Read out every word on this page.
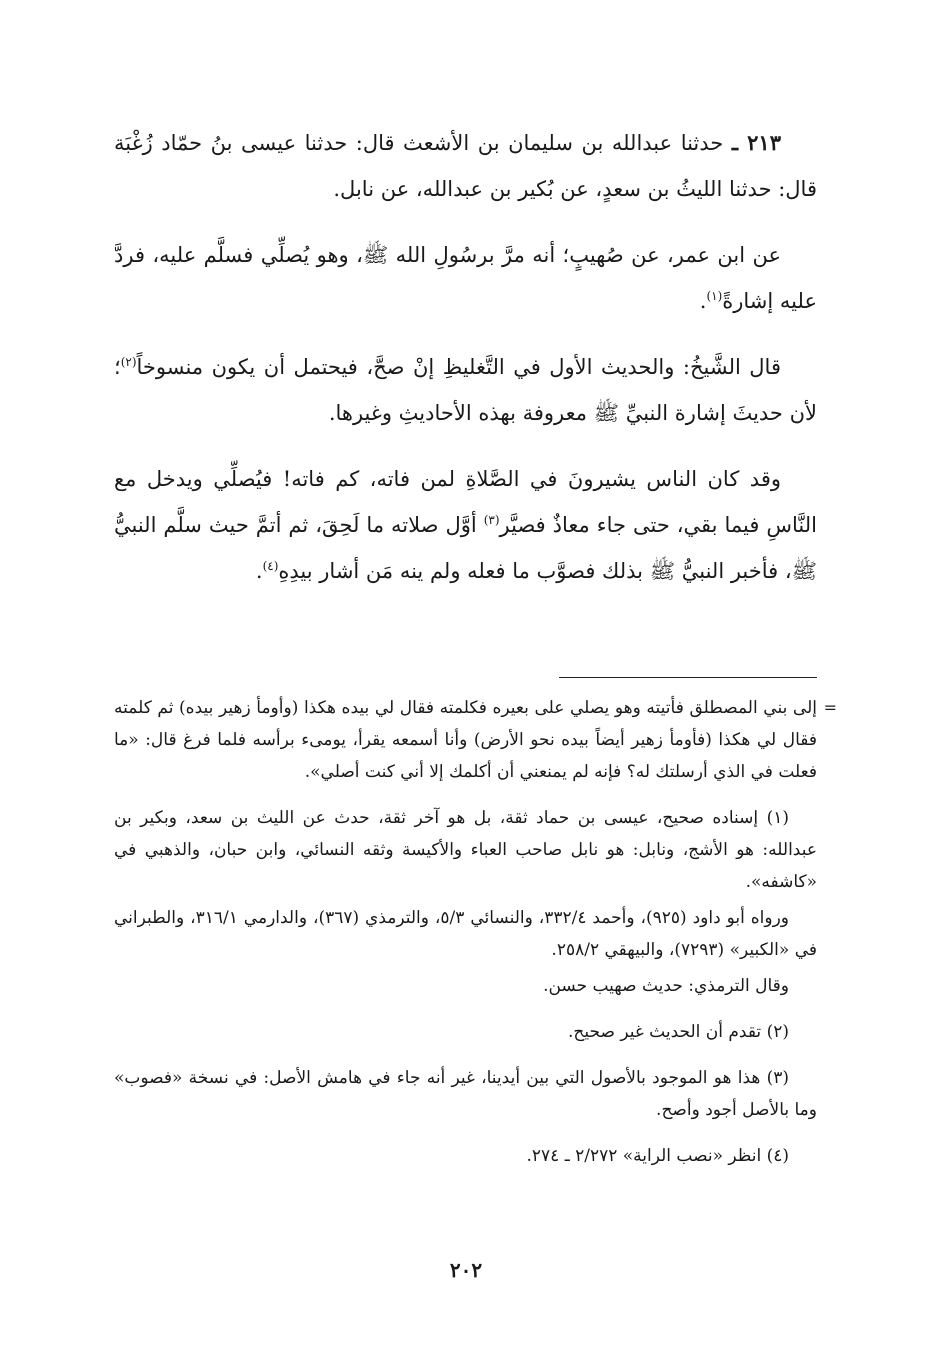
٢١٣ ـ حدثنا عبدالله بن سليمان بن الأشعث قال: حدثنا عيسى بنُ حمّاد زُغْبَة قال: حدثنا الليثُ بن سعدٍ، عن بُكير بن عبدالله، عن نابل.

عن ابن عمر، عن صُهيبٍ؛ أنه مرَّ برسُولِ الله ﷺ، وهو يُصلِّي فسلَّم عليه، فردَّ عليه إشارةً$^{(١)}$.

قال الشَّيخُ: والحديث الأول في التَّغليظِ إنْ صحَّ، فيحتمل أن يكون منسوخاً$^{(٢)}$؛ لأن حديثَ إشارة النبيِّ ﷺ معروفة بهذه الأحاديثِ وغيرها.

وقد كان الناس يشيرونَ في الصَّلاةِ لمن فاته، كم فاته! فيُصلِّي ويدخل مع النَّاسِ فيما بقي، حتى جاء معاذٌ فصيَّر$^{(٣)}$ أوَّل صلاته ما لَحِقَ، ثم أتمَّ حيث سلَّم النبيُّ ﷺ، فأخبر النبيُّ ﷺ بذلك فصوَّب ما فعله ولم ينه مَن أشار بيدِهِ$^{(٤)}$.

=
إلى بني المصطلق فأتيته وهو يصلي على بعيره فكلمته فقال لي بيده هكذا (وأومأ زهير بيده) ثم كلمته فقال لي هكذا (فأومأ زهير أيضاً بيده نحو الأرض) وأنا أسمعه يقرأ، يومىء برأسه فلما فرغ قال: «ما فعلت في الذي أرسلتك له؟ فإنه لم يمنعني أن أكلمك إلا أني كنت أصلي».

(١) إسناده صحيح، عيسى بن حماد ثقة، بل هو آخر ثقة، حدث عن الليث بن سعد، وبكير بن عبدالله: هو الأشج، ونابل: هو نابل صاحب العباء والأكيسة وثقه النسائي، وابن حبان، والذهبي في «كاشفه».

ورواه أبو داود (٩٢٥)، وأحمد ٣٣٢/٤، والنسائي ٥/٣، والترمذي (٣٦٧)، والدارمي ٣١٦/١، والطبراني في «الكبير» (٧٢٩٣)، والبيهقي ٢٥٨/٢.

وقال الترمذي: حديث صهيب حسن.

(٢) تقدم أن الحديث غير صحيح.

(٣) هذا هو الموجود بالأصول التي بين أيدينا، غير أنه جاء في هامش الأصل: في نسخة «فصوب» وما بالأصل أجود وأصح.

(٤) انظر «نصب الراية» ٢/٢٧٢ ـ ٢٧٤.

٢٠٢
